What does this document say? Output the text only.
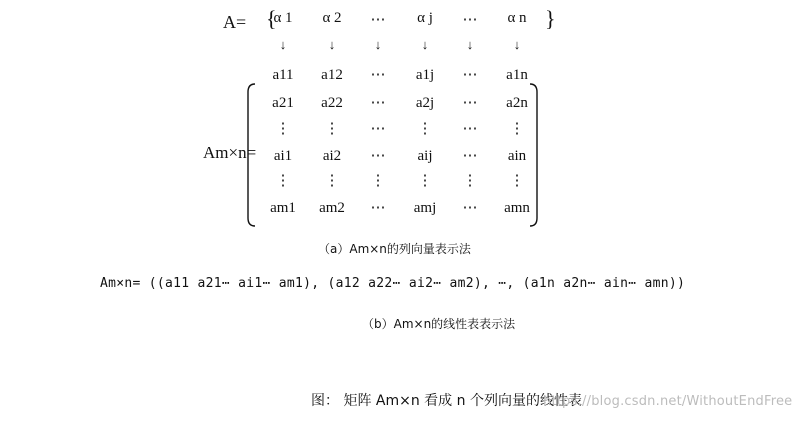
A= {	}
α 1	α 2	⋯	α j	⋯	α n
↓	↓	↓	↓	↓	↓
Am×n=
a11	a12	⋯	a1j	⋯	a1n
a21	a22	⋯	a2j	⋯	a2n
⋮	⋮	⋯	⋮	⋯	⋮
ai1	ai2	⋯	aij	⋯	ain
⋮	⋮	⋮	⋮	⋮	⋮
am1	am2	⋯	amj	⋯	amn
（a）Am×n的列向量表示法
Am×n= ((a11 a21⋯ ai1⋯ am1), (a12 a22⋯ ai2⋯ am2), ⋯, (a1n a2n⋯ ain⋯ amn))
（b）Am×n的线性表表示法
图： 矩阵 Am×n 看成 n 个列向量的线性表
https://blog.csdn.net/WithoutEndFree
